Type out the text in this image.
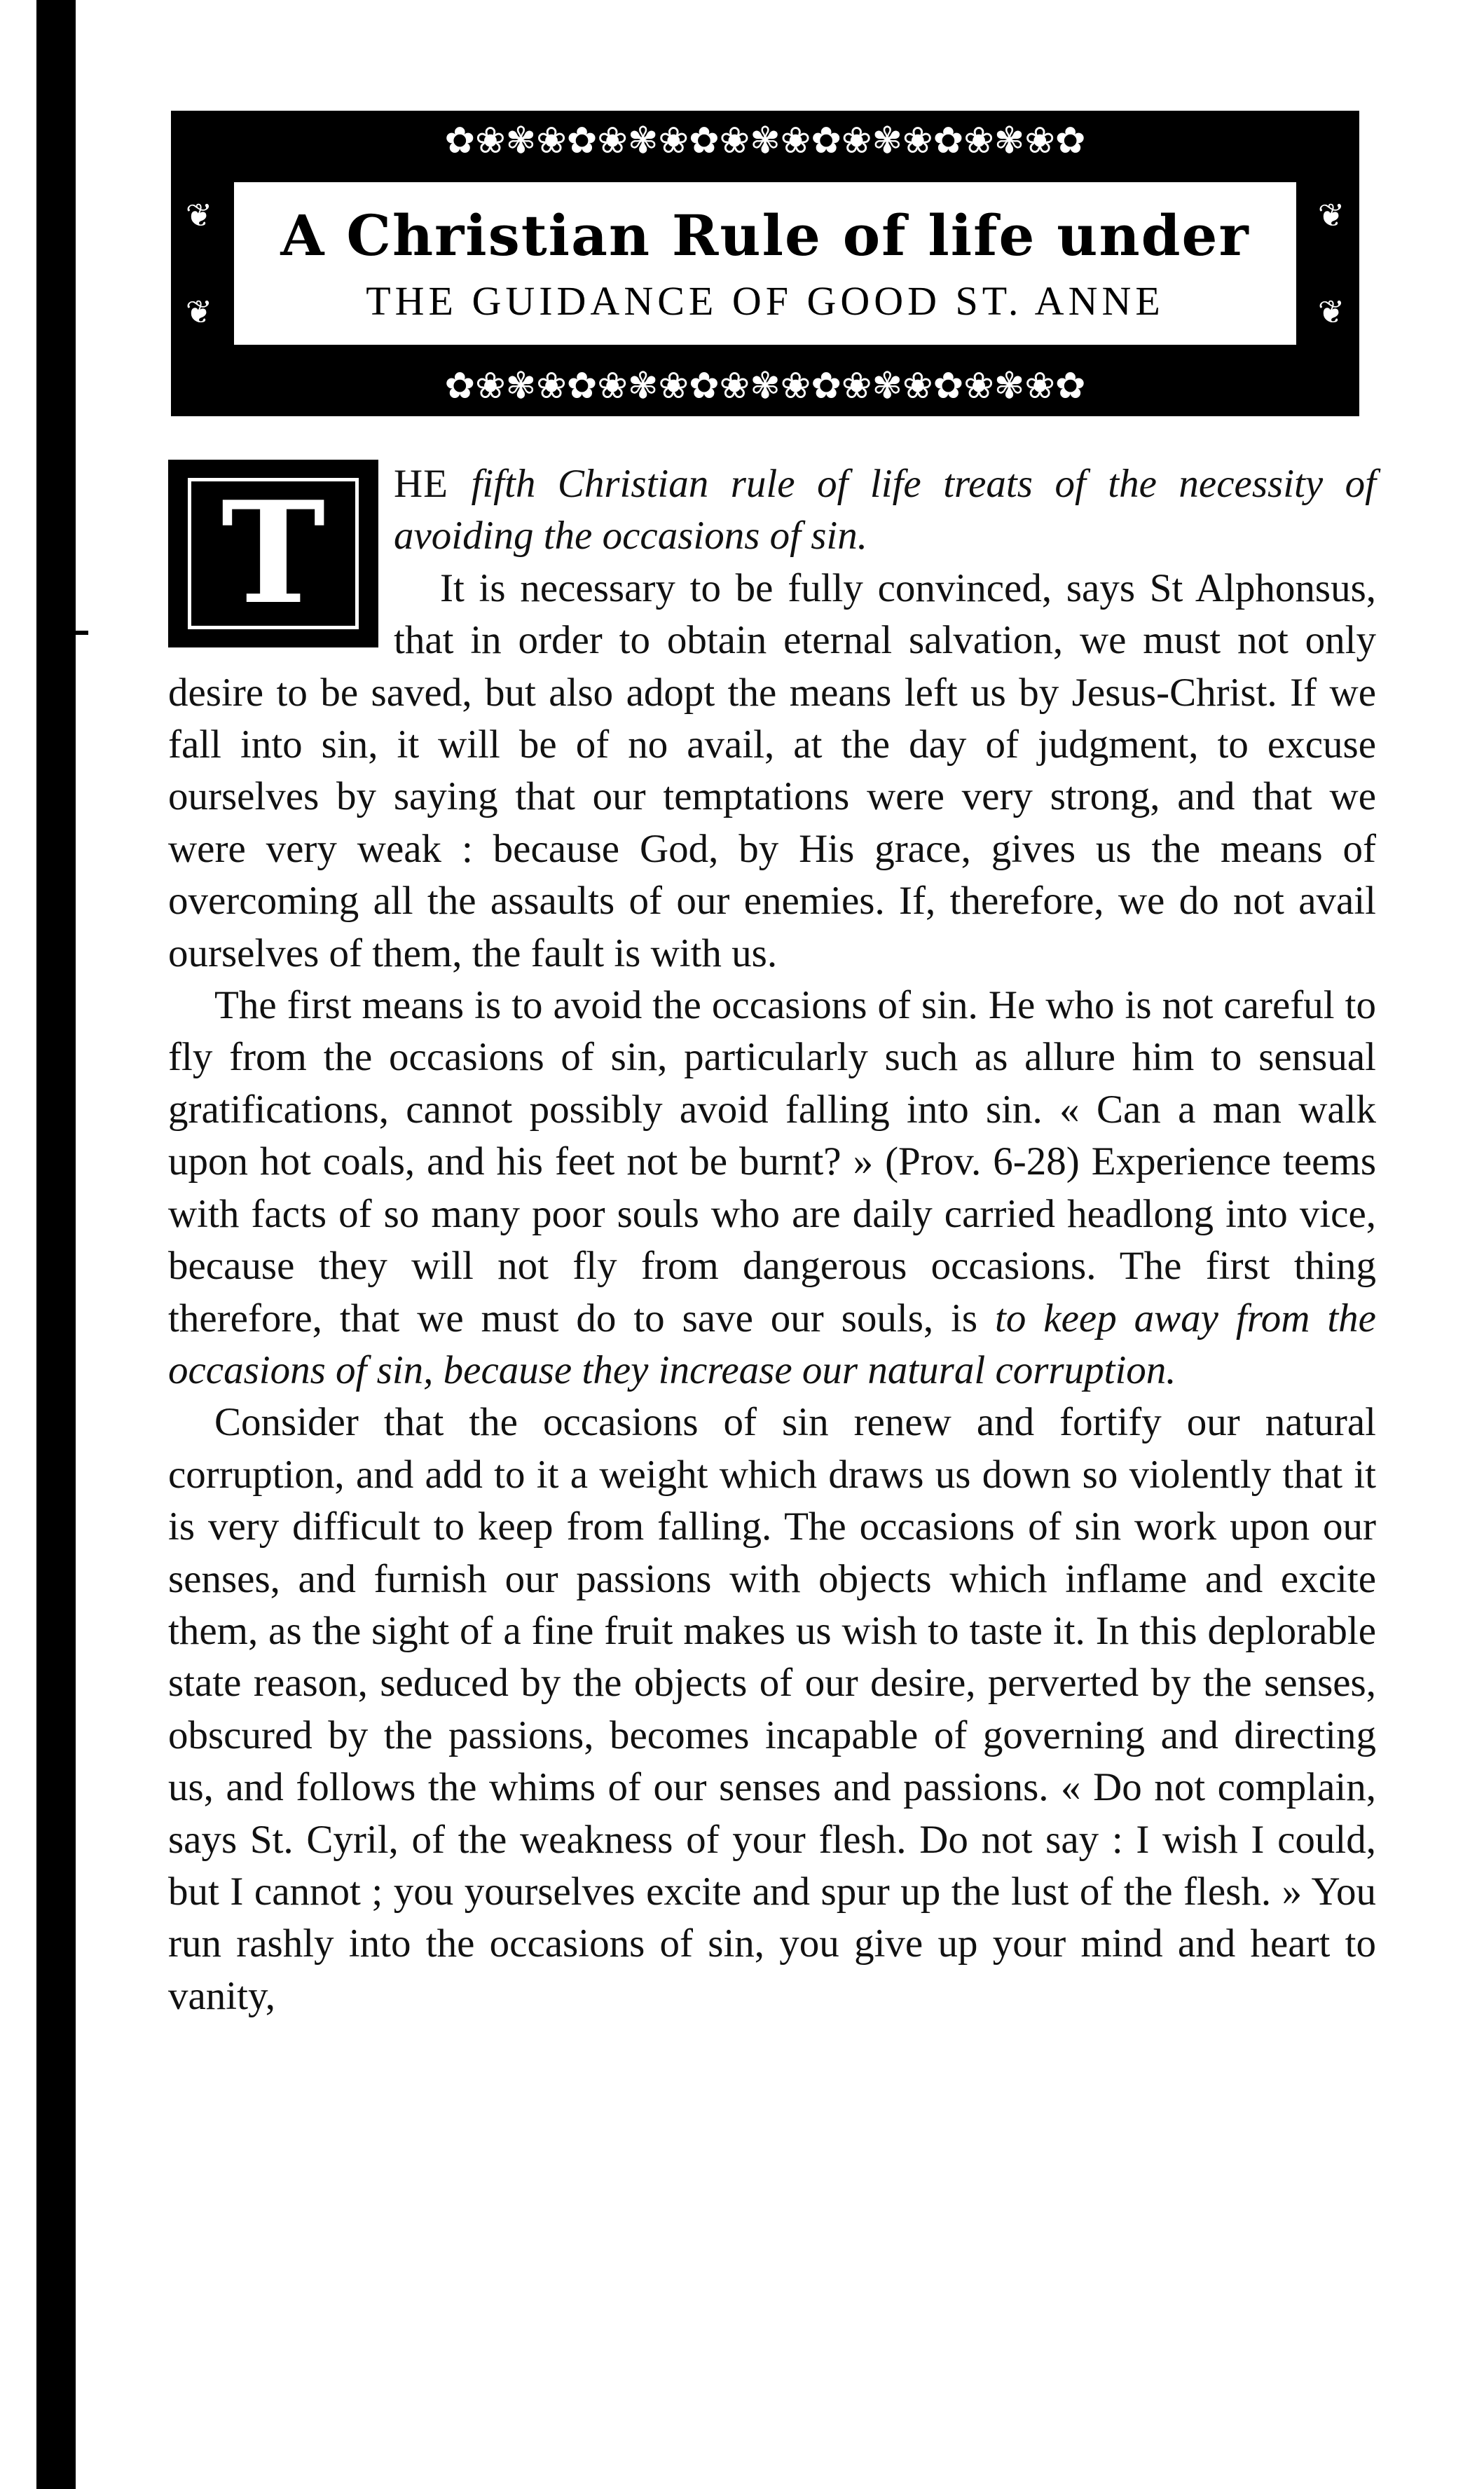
✿❀✾❀✿❀✾❀✿❀✾❀✿❀✾❀✿❀✾❀✿
❦
❦
❦
❦
A Christian Rule of life under
THE GUIDANCE OF GOOD ST. ANNE
✿❀✾❀✿❀✾❀✿❀✾❀✿❀✾❀✿❀✾❀✿
T	HE fifth Christian rule of life treats of the necessity of avoiding the occasions of sin.

It is necessary to be fully convinced, says St Alphonsus, that in order to obtain eternal salvation, we must not only desire to be saved, but also adopt the means left us by Jesus-Christ. If we fall into sin, it will be of no avail, at the day of judgment, to excuse ourselves by saying that our temptations were very strong, and that we were very weak : because God, by His grace, gives us the means of overcoming all the assaults of our enemies. If, therefore, we do not avail ourselves of them, the fault is with us.

The first means is to avoid the occasions of sin. He who is not careful to fly from the occasions of sin, particularly such as allure him to sensual gratifications, cannot possibly avoid falling into sin. « Can a man walk upon hot coals, and his feet not be burnt? » (Prov. 6-28) Experience teems with facts of so many poor souls who are daily carried headlong into vice, because they will not fly from dangerous occasions. The first thing therefore, that we must do to save our souls, is to keep away from the occasions of sin, because they increase our natural corruption.

Consider that the occasions of sin renew and fortify our natural corruption, and add to it a weight which draws us down so violently that it is very difficult to keep from falling. The occasions of sin work upon our senses, and furnish our passions with objects which inflame and excite them, as the sight of a fine fruit makes us wish to taste it. In this deplorable state reason, seduced by the objects of our desire, perverted by the senses, obscured by the passions, becomes incapable of governing and directing us, and follows the whims of our senses and passions. « Do not complain, says St. Cyril, of the weakness of your flesh. Do not say : I wish I could, but I cannot ; you yourselves excite and spur up the lust of the flesh. » You run rashly into the occasions of sin, you give up your mind and heart to vanity,
